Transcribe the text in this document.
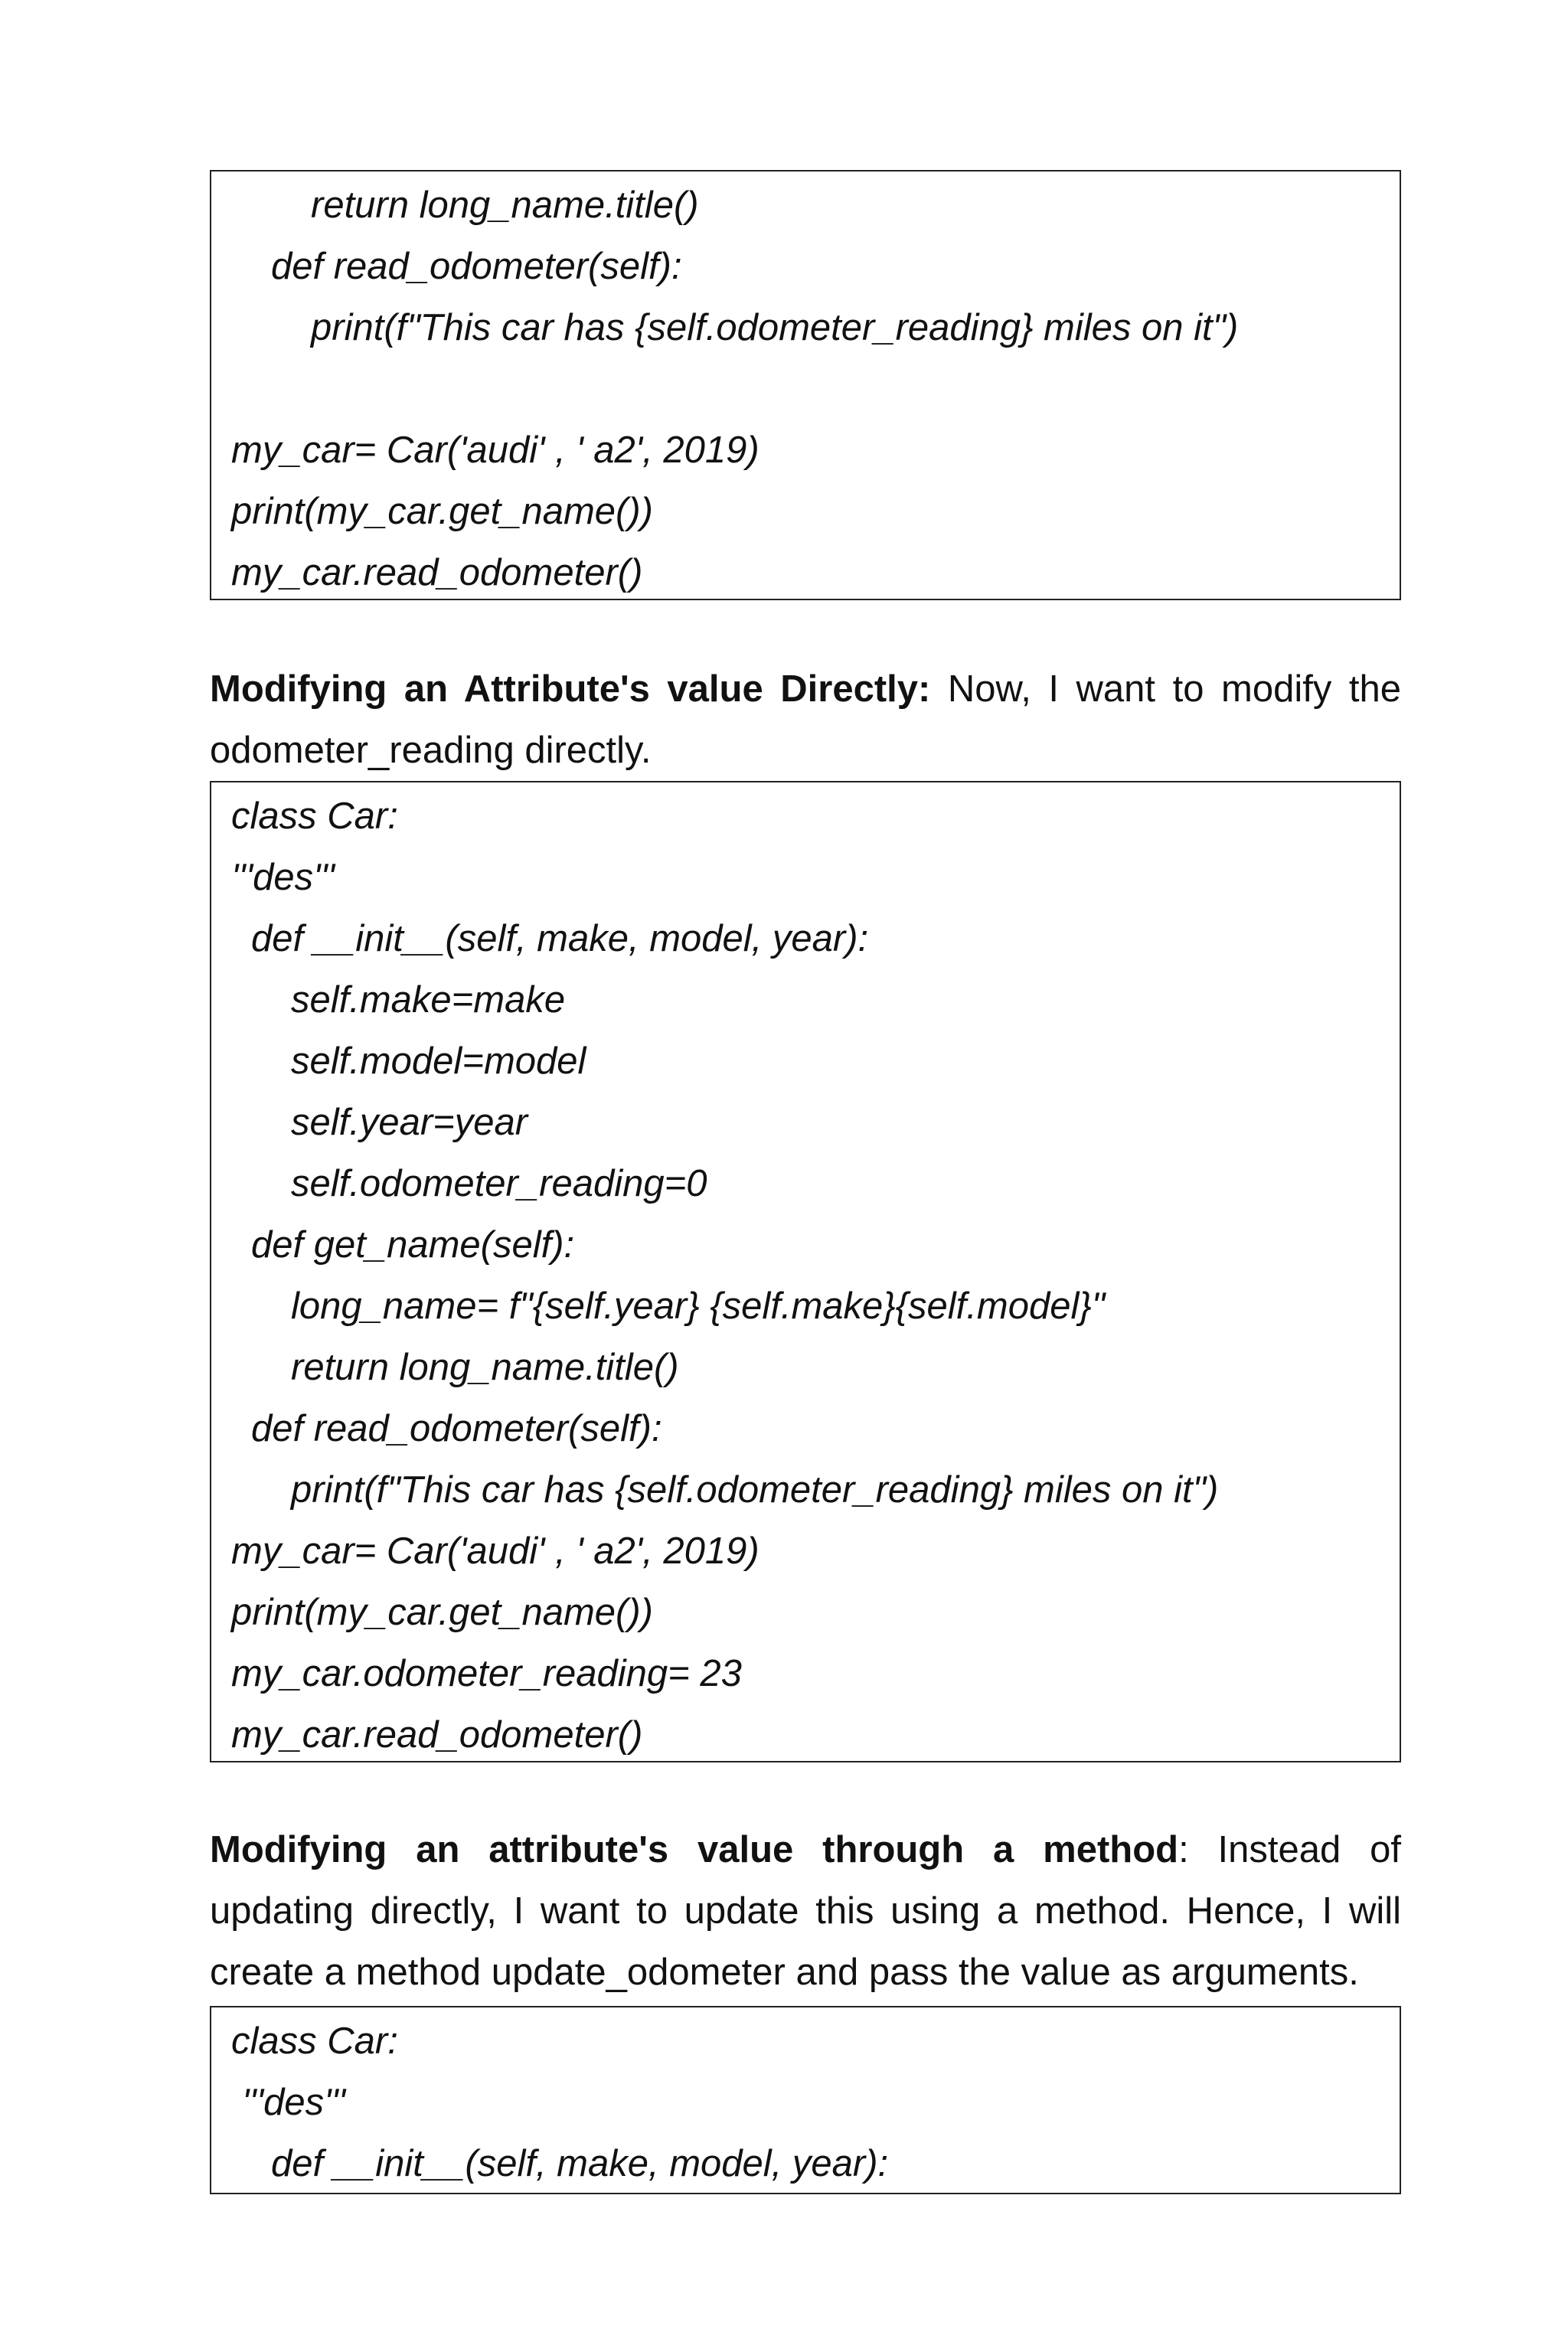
return long_name.title()
def read_odometer(self):
print(f"This car has {self.odometer_reading} miles on it")
my_car= Car('audi' , ' a2', 2019)
print(my_car.get_name())
my_car.read_odometer()
Modifying an Attribute's value Directly: Now, I want to modify the
odometer_reading directly.
class Car:
'''des'''
def __init__(self, make, model, year):
self.make=make
self.model=model
self.year=year
self.odometer_reading=0
def get_name(self):
long_name= f"{self.year} {self.make}{self.model}"
return long_name.title()
def read_odometer(self):
print(f"This car has {self.odometer_reading} miles on it")
my_car= Car('audi' , ' a2', 2019)
print(my_car.get_name())
my_car.odometer_reading= 23
my_car.read_odometer()
Modifying an attribute's value through a method: Instead of
updating directly, I want to update this using a method. Hence, I will
create a method update_odometer and pass the value as arguments.
class Car:
'''des'''
def __init__(self, make, model, year):
